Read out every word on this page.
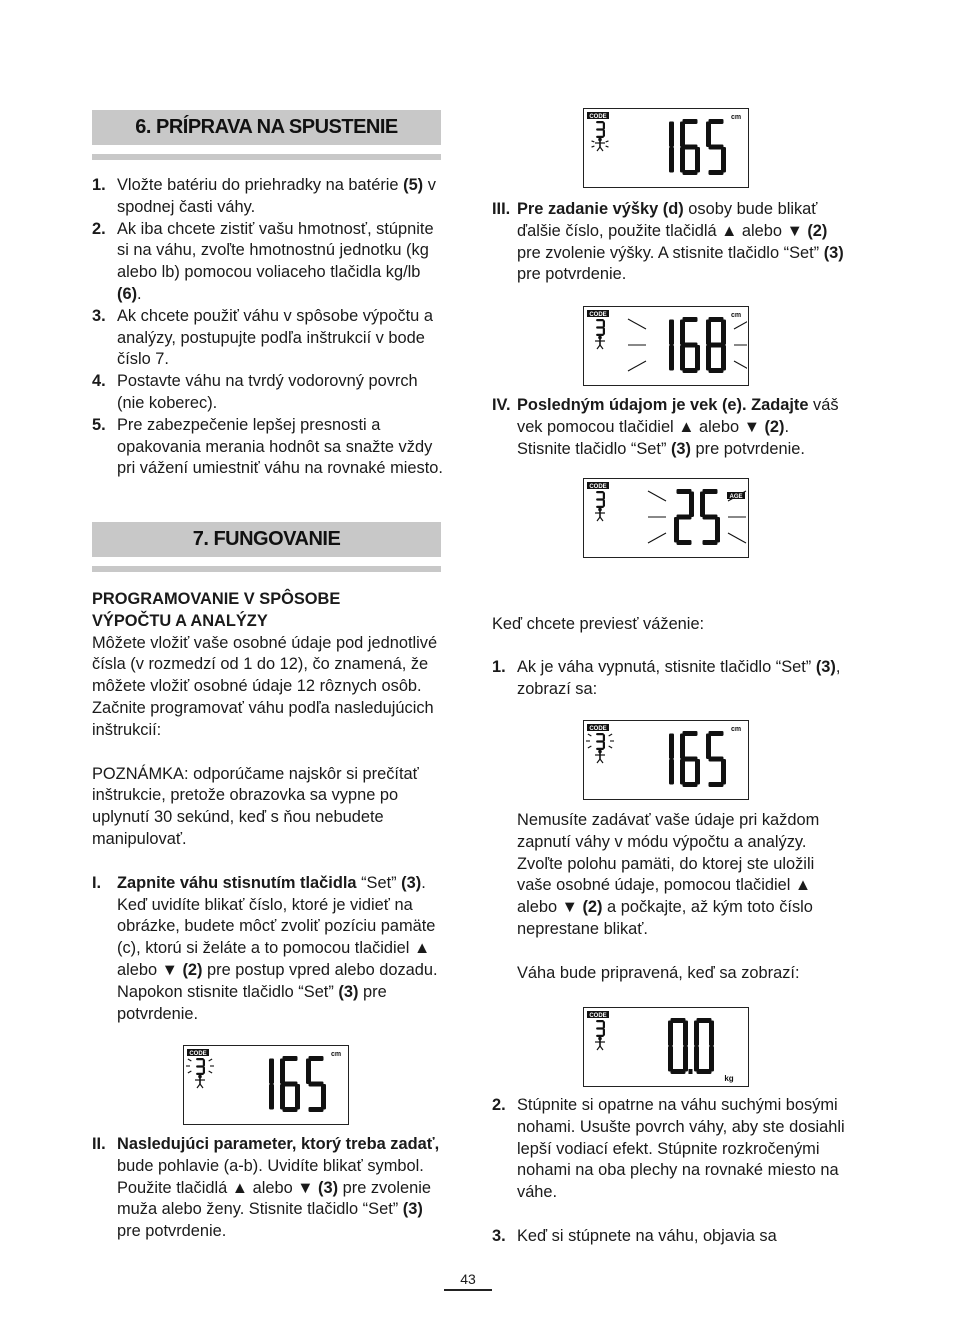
6. PRÍPRAVA NA SPUSTENIE
1. Vložte batériu do priehradky na batérie (5) v spodnej časti váhy.
2. Ak iba chcete zistiť vašu hmotnosť, stúpnite si na váhu, zvoľte hmotnostnú jednotku (kg alebo lb) pomocou voliaceho tlačidla kg/lb (6).
3. Ak chcete použiť váhu v spôsobe výpočtu a analýzy, postupujte podľa inštrukcií v bode číslo 7.
4. Postavte váhu na tvrdý vodorovný povrch (nie koberec).
5. Pre zabezpečenie lepšej presnosti a opakovania merania hodnôt sa snažte vždy pri vážení umiestniť váhu na rovnaké miesto.
7. FUNGOVANIE

PROGRAMOVANIE V SPÔSOBE VÝPOČTU A ANALÝZY

Môžete vložiť vaše osobné údaje pod jednotlivé čísla (v rozmedzí od 1 do 12), čo znamená, že môžete vložiť osobné údaje 12 rôznych osôb. Začnite programovať váhu podľa nasledujúcich inštrukcií:

POZNÁMKA: odporúčame najskôr si prečítať inštrukcie, pretože obrazovka sa vypne po uplynutí 30 sekúnd, keď s ňou nebudete manipulovať.

I. Zapnite váhu stisnutím tlačidla “Set” (3). Keď uvidíte blikať číslo, ktoré je vidieť na obrázke, budete môcť zvoliť pozíciu pamäte (c), ktorú si želáte a to pomocou tlačidiel ▲ alebo ▼ (2) pre postup vpred alebo dozadu. Napokon stisnite tlačidlo “Set” (3) pre potvrdenie.
II. Nasledujúci parameter, ktorý treba zadať, bude pohlavie (a-b). Uvidíte blikať symbol. Použite tlačidlá ▲ alebo ▼ (3) pre zvolenie muža alebo ženy. Stisnite tlačidlo “Set” (3) pre potvrdenie.
III. Pre zadanie výšky (d) osoby bude blikať ďalšie číslo, použite tlačidlá ▲ alebo ▼ (2) pre zvolenie výšky. A stisnite tlačidlo “Set” (3) pre potvrdenie.
IV. Posledným údajom je vek (e). Zadajte váš vek pomocou tlačidiel ▲ alebo ▼ (2). Stisnite tlačidlo “Set” (3) pre potvrdenie.

Keď chcete previesť váženie:

1. Ak je váha vypnutá, stisnite tlačidlo “Set” (3), zobrazí sa:

Nemusíte zadávať vaše údaje pri každom zapnutí váhy v módu výpočtu a analýzy. Zvoľte polohu pamäti, do ktorej ste uložili vaše osobné údaje, pomocou tlačidiel ▲ alebo ▼ (2) a počkajte, až kým toto číslo neprestane blikať.

Váha bude pripravená, keď sa zobrazí:

2. Stúpnite si opatrne na váhu suchými bosými nohami. Usušte povrch váhy, aby ste dosiahli lepší vodiací efekt. Stúpnite rozkročenými nohami na oba plechy na rovnaké miesto na váhe.
3. Keď si stúpnete na váhu, objavia sa
CODE	cm
CODE	cm
CODE
AGE
CODE	cm
CODE
kg
CODE	cm
43
